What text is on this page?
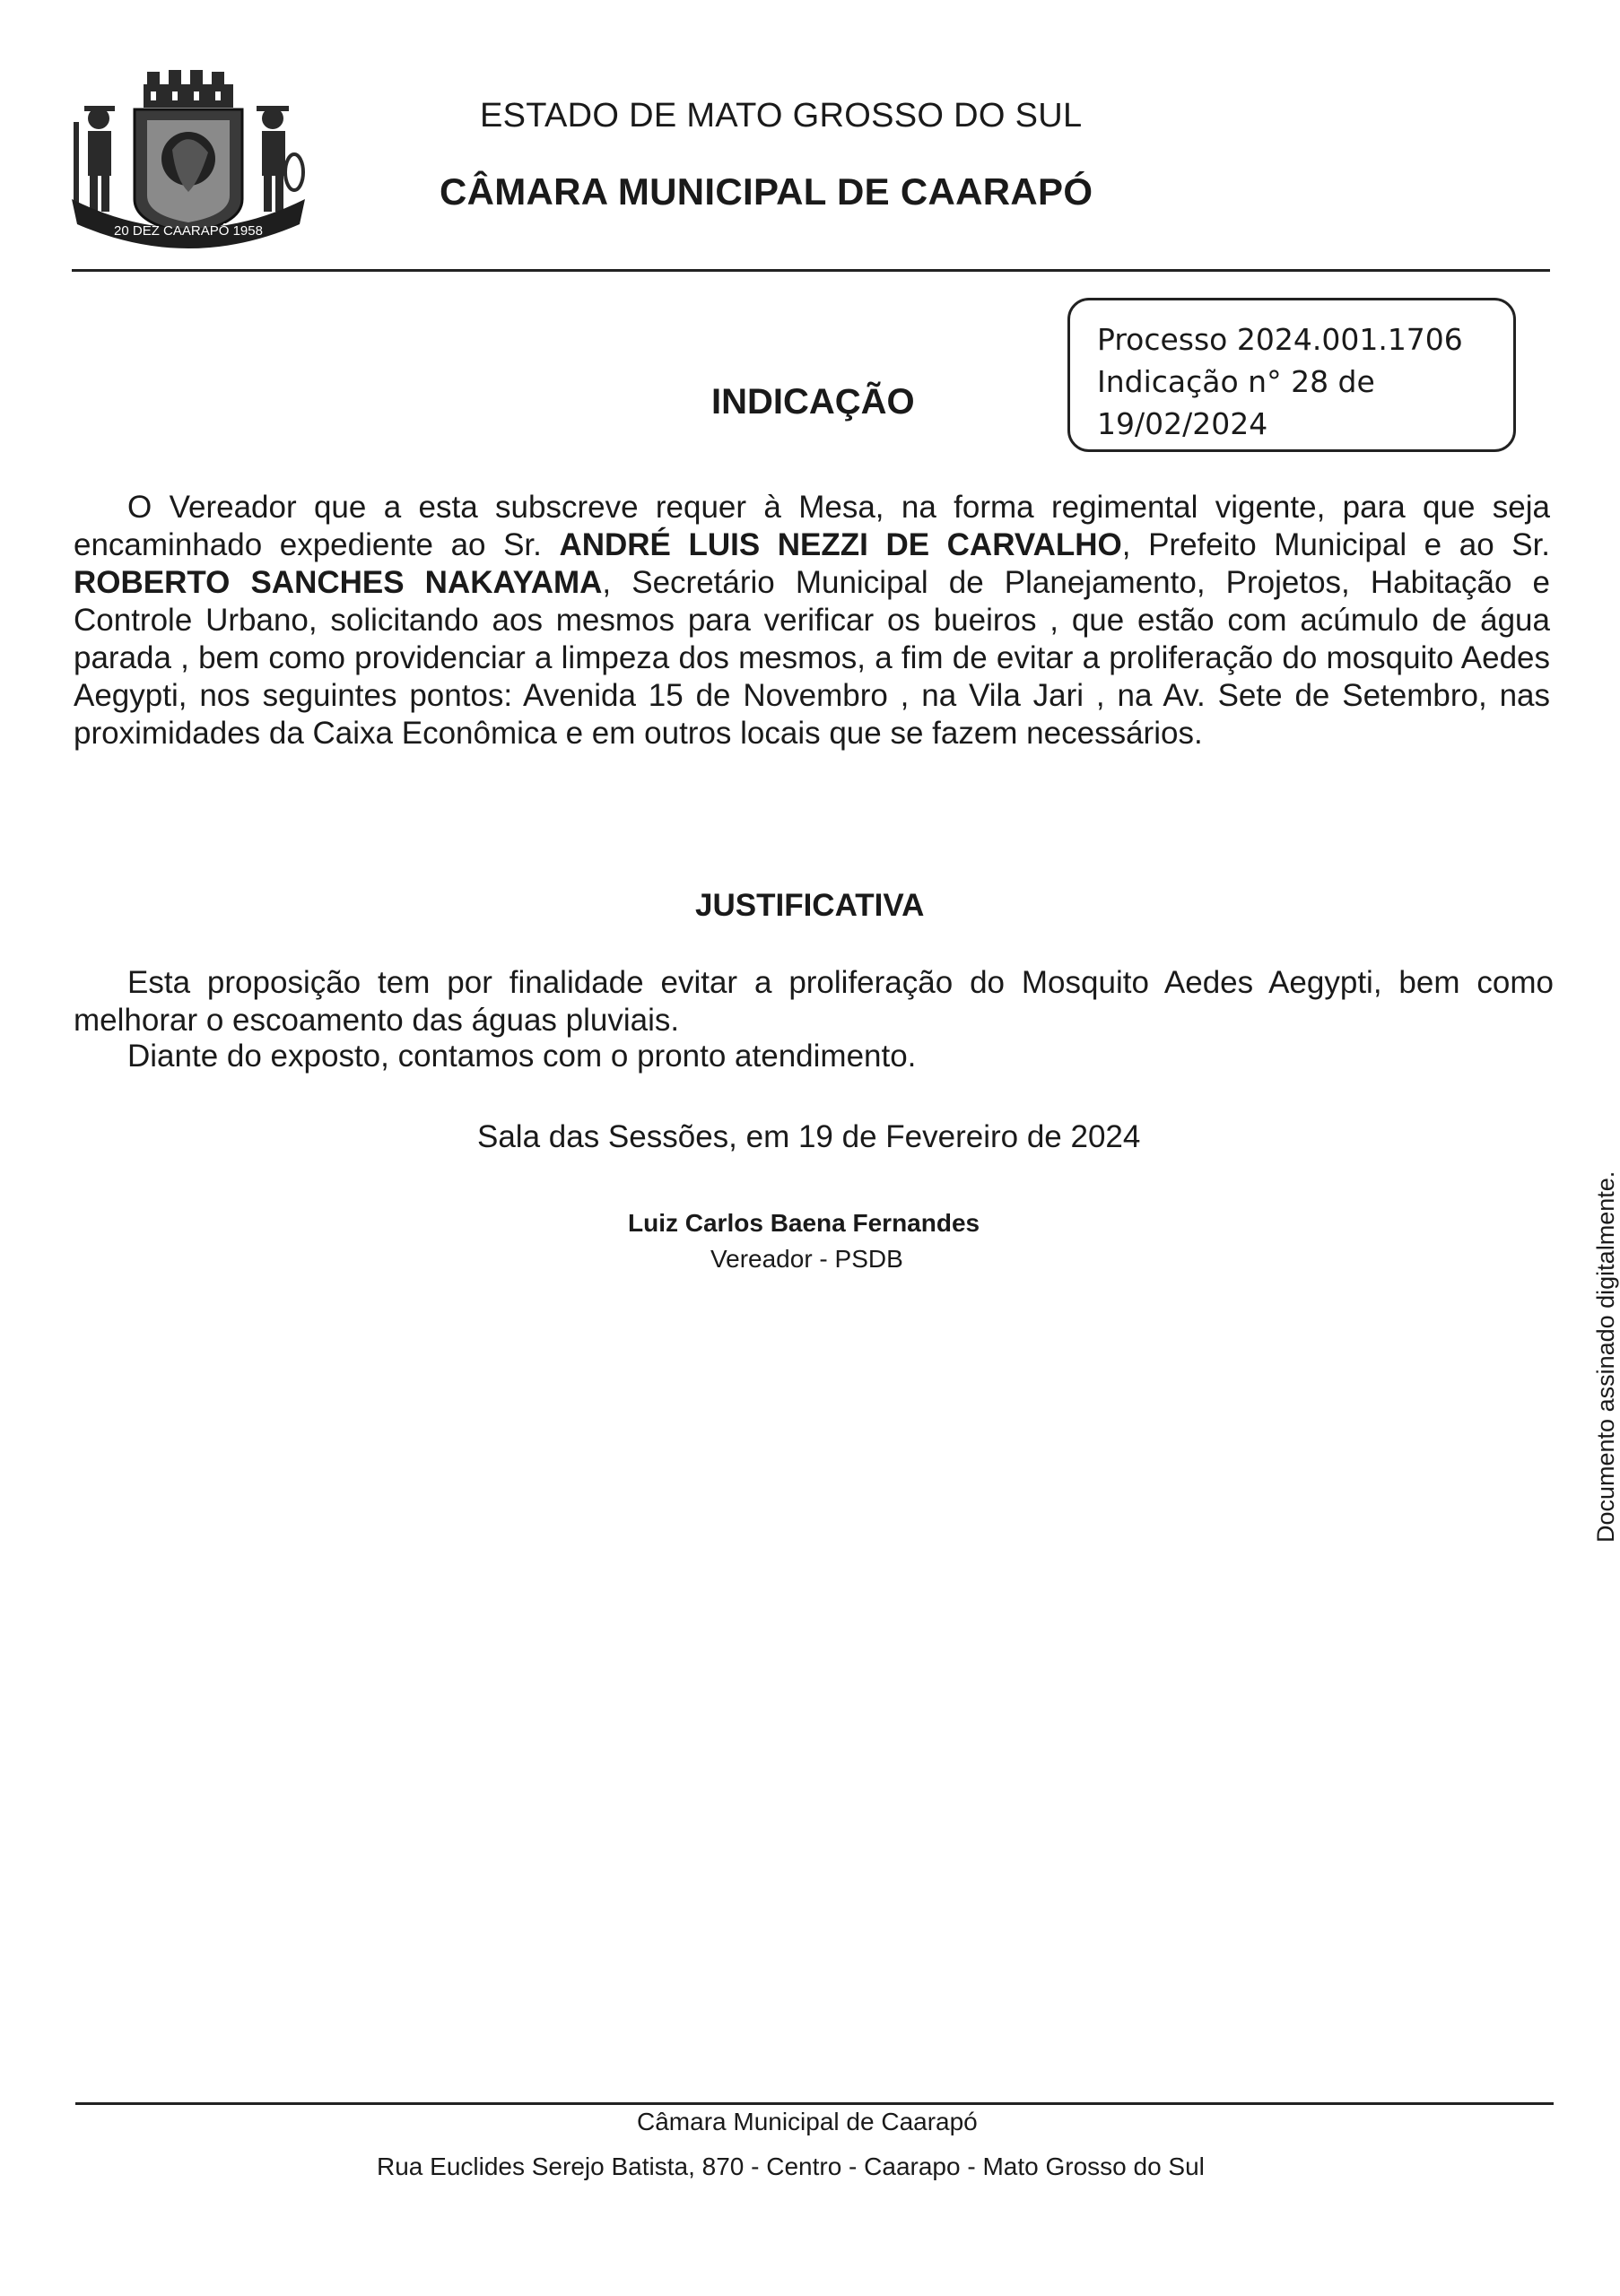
20 DEZ CAARAPÓ 1958
ESTADO DE MATO GROSSO DO SUL
CÂMARA MUNICIPAL DE CAARAPÓ
Processo 2024.001.1706
Indicação n° 28 de
19/02/2024
INDICAÇÃO
O Vereador que a esta subscreve requer à Mesa, na forma regimental vigente, para que seja encaminhado expediente ao Sr. ANDRÉ LUIS NEZZI DE CARVALHO, Prefeito Municipal e ao Sr. ROBERTO SANCHES NAKAYAMA, Secretário Municipal de Planejamento, Projetos, Habitação e Controle Urbano, solicitando aos mesmos para verificar os bueiros , que estão com acúmulo de água parada , bem como providenciar a limpeza dos mesmos, a fim de evitar a proliferação do mosquito Aedes Aegypti, nos seguintes pontos: Avenida 15 de Novembro , na Vila Jari , na Av. Sete de Setembro, nas proximidades da Caixa Econômica e em outros locais que se fazem necessários.
JUSTIFICATIVA
Esta proposição tem por finalidade evitar a proliferação do Mosquito Aedes Aegypti, bem como melhorar o escoamento das águas pluviais.
Diante do exposto, contamos com o pronto atendimento.
Sala das Sessões, em 19 de Fevereiro de 2024
Luiz Carlos Baena Fernandes
Vereador - PSDB	Documento assinado digitalmente.
Câmara Municipal de Caarapó
Rua Euclides Serejo Batista, 870 - Centro - Caarapo - Mato Grosso do Sul
